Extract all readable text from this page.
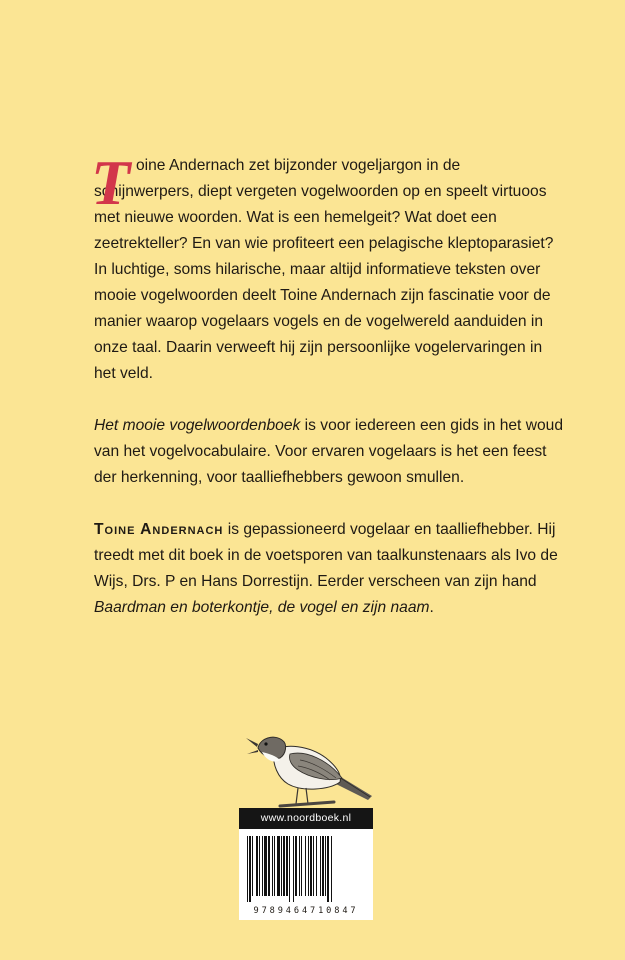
T oine Andernach zet bijzonder vogeljargon in de schijnwerpers, diept vergeten vogelwoorden op en speelt virtuoos met nieuwe woorden. Wat is een hemelgeit? Wat doet een zeetrekteller? En van wie profiteert een pelagische kleptoparasiet? In luchtige, soms hilarische, maar altijd informatieve teksten over mooie vogelwoorden deelt Toine Andernach zijn fascinatie voor de manier waarop vogelaars vogels en de vogelwereld aanduiden in onze taal. Daarin verweeft hij zijn persoonlijke vogelervaringen in het veld.

Het mooie vogelwoordenboek is voor iedereen een gids in het woud van het vogelvocabulaire. Voor ervaren vogelaars is het een feest der herkenning, voor taalliefhebbers gewoon smullen.

Toine Andernach is gepassioneerd vogelaar en taalliefhebber. Hij treedt met dit boek in de voetsporen van taalkunstenaars als Ivo de Wijs, Drs. P en Hans Dorrestijn. Eerder verscheen van zijn hand Baardman en boterkontje, de vogel en zijn naam.

www.noordboek.nl
9789464710847
